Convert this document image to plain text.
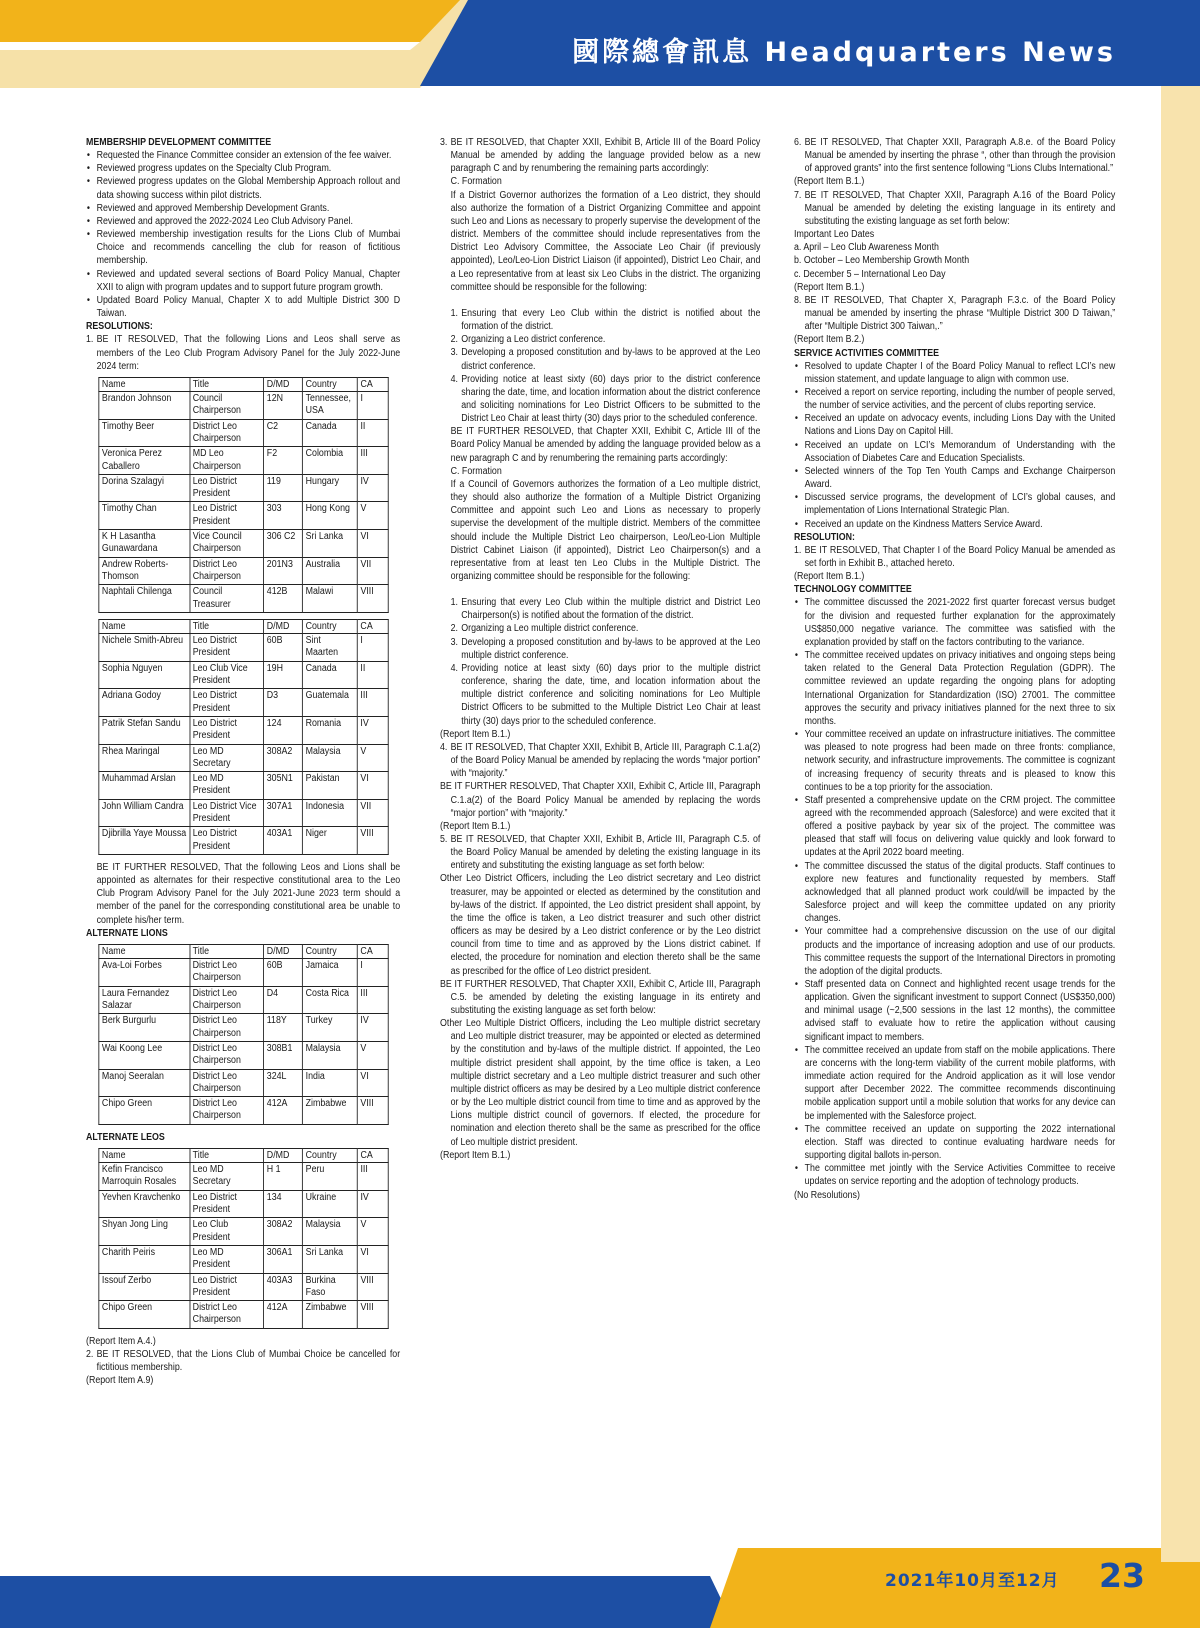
國際總會訊息 Headquarters News
2021年10月至12月 23

MEMBERSHIP DEVELOPMENT COMMITTEE

• Requested the Finance Committee consider an extension of the fee waiver.

• Reviewed progress updates on the Specialty Club Program.

• Reviewed progress updates on the Global Membership Approach rollout and data showing success within pilot districts.

• Reviewed and approved Membership Development Grants.

• Reviewed and approved the 2022-2024 Leo Club Advisory Panel.

• Reviewed membership investigation results for the Lions Club of Mumbai Choice and recommends cancelling the club for reason of fictitious membership.

• Reviewed and updated several sections of Board Policy Manual, Chapter XXII to align with program updates and to support future program growth.

• Updated Board Policy Manual, Chapter X to add Multiple District 300 D Taiwan.

RESOLUTIONS:

1. BE IT RESOLVED, That the following Lions and Leos shall serve as members of the Leo Club Program Advisory Panel for the July 2022-June 2024 term:

Name	Title	D/MD	Country	CA
Brandon Johnson	Council Chairperson	12N	Tennessee, USA	I
Timothy Beer	District Leo Chairperson	C2	Canada	II
Veronica Perez Caballero	MD Leo Chairperson	F2	Colombia	III
Dorina Szalagyi	Leo District President	119	Hungary	IV
Timothy Chan	Leo District President	303	Hong Kong	V
K H Lasantha Gunawardana	Vice Council Chairperson	306 C2	Sri Lanka	VI
Andrew Roberts-Thomson	District Leo Chairperson	201N3	Australia	VII
Naphtali Chilenga	Council Treasurer	412B	Malawi	VIII
Name	Title	D/MD	Country	CA
Nichele Smith-Abreu	Leo District President	60B	Sint Maarten	I
Sophia Nguyen	Leo Club Vice President	19H	Canada	II
Adriana Godoy	Leo District President	D3	Guatemala	III
Patrik Stefan Sandu	Leo District President	124	Romania	IV
Rhea Maringal	Leo MD Secretary	308A2	Malaysia	V
Muhammad Arslan	Leo MD President	305N1	Pakistan	VI
John William Candra	Leo District Vice President	307A1	Indonesia	VII
Djibrilla Yaye Moussa	Leo District President	403A1	Niger	VIII

BE IT FURTHER RESOLVED, That the following Leos and Lions shall be appointed as alternates for their respective constitutional area to the Leo Club Program Advisory Panel for the July 2021-June 2023 term should a member of the panel for the corresponding constitutional area be unable to complete his/her term.

ALTERNATE LIONS

Name	Title	D/MD	Country	CA
Ava-Loi Forbes	District Leo Chairperson	60B	Jamaica	I
Laura Fernandez Salazar	District Leo Chairperson	D4	Costa Rica	III
Berk Burgurlu	District Leo Chairperson	118Y	Turkey	IV
Wai Koong Lee	District Leo Chairperson	308B1	Malaysia	V
Manoj Seeralan	District Leo Chairperson	324L	India	VI
Chipo Green	District Leo Chairperson	412A	Zimbabwe	VIII

ALTERNATE LEOS

Name	Title	D/MD	Country	CA
Kefin Francisco Marroquin Rosales	Leo MD Secretary	H 1	Peru	III
Yevhen Kravchenko	Leo District President	134	Ukraine	IV
Shyan Jong Ling	Leo Club President	308A2	Malaysia	V
Charith Peiris	Leo MD President	306A1	Sri Lanka	VI
Issouf Zerbo	Leo District President	403A3	Burkina Faso	VIII
Chipo Green	District Leo Chairperson	412A	Zimbabwe	VIII

(Report Item A.4.)

2. BE IT RESOLVED, that the Lions Club of Mumbai Choice be cancelled for fictitious membership.

(Report Item A.9)

3. BE IT RESOLVED, that Chapter XXII, Exhibit B, Article III of the Board Policy Manual be amended by adding the language provided below as a new paragraph C and by renumbering the remaining parts accordingly:

C. Formation

If a District Governor authorizes the formation of a Leo district, they should also authorize the formation of a District Organizing Committee and appoint such Leo and Lions as necessary to properly supervise the development of the district. Members of the committee should include representatives from the District Leo Advisory Committee, the Associate Leo Chair (if previously appointed), Leo/Leo-Lion District Liaison (if appointed), District Leo Chair, and a Leo representative from at least six Leo Clubs in the district. The organizing committee should be responsible for the following:

1. Ensuring that every Leo Club within the district is notified about the formation of the district.

2. Organizing a Leo district conference.

3. Developing a proposed constitution and by-laws to be approved at the Leo district conference.

4. Providing notice at least sixty (60) days prior to the district conference sharing the date, time, and location information about the district conference and soliciting nominations for Leo District Officers to be submitted to the District Leo Chair at least thirty (30) days prior to the scheduled conference.

BE IT FURTHER RESOLVED, that Chapter XXII, Exhibit C, Article III of the Board Policy Manual be amended by adding the language provided below as a new paragraph C and by renumbering the remaining parts accordingly:

C. Formation

If a Council of Governors authorizes the formation of a Leo multiple district, they should also authorize the formation of a Multiple District Organizing Committee and appoint such Leo and Lions as necessary to properly supervise the development of the multiple district. Members of the committee should include the Multiple District Leo chairperson, Leo/Leo-Lion Multiple District Cabinet Liaison (if appointed), District Leo Chairperson(s) and a representative from at least ten Leo Clubs in the Multiple District. The organizing committee should be responsible for the following:

1. Ensuring that every Leo Club within the multiple district and District Leo Chairperson(s) is notified about the formation of the district.

2. Organizing a Leo multiple district conference.

3. Developing a proposed constitution and by-laws to be approved at the Leo multiple district conference.

4. Providing notice at least sixty (60) days prior to the multiple district conference, sharing the date, time, and location information about the multiple district conference and soliciting nominations for Leo Multiple District Officers to be submitted to the Multiple District Leo Chair at least thirty (30) days prior to the scheduled conference.

(Report Item B.1.)

4. BE IT RESOLVED, That Chapter XXII, Exhibit B, Article III, Paragraph C.1.a(2) of the Board Policy Manual be amended by replacing the words “major portion” with “majority.”

BE IT FURTHER RESOLVED, That Chapter XXII, Exhibit C, Article III, Paragraph C.1.a(2) of the Board Policy Manual be amended by replacing the words “major portion” with “majority.”

(Report Item B.1.)

5. BE IT RESOLVED, that Chapter XXII, Exhibit B, Article III, Paragraph C.5. of the Board Policy Manual be amended by deleting the existing language in its entirety and substituting the existing language as set forth below:

Other Leo District Officers, including the Leo district secretary and Leo district treasurer, may be appointed or elected as determined by the constitution and by-laws of the district. If appointed, the Leo district president shall appoint, by the time the office is taken, a Leo district treasurer and such other district officers as may be desired by a Leo district conference or by the Leo district council from time to time and as approved by the Lions district cabinet. If elected, the procedure for nomination and election thereto shall be the same as prescribed for the office of Leo district president.

BE IT FURTHER RESOLVED, That Chapter XXII, Exhibit C, Article III, Paragraph C.5. be amended by deleting the existing language in its entirety and substituting the existing language as set forth below:

Other Leo Multiple District Officers, including the Leo multiple district secretary and Leo multiple district treasurer, may be appointed or elected as determined by the constitution and by-laws of the multiple district. If appointed, the Leo multiple district president shall appoint, by the time office is taken, a Leo multiple district secretary and a Leo multiple district treasurer and such other multiple district officers as may be desired by a Leo multiple district conference or by the Leo multiple district council from time to time and as approved by the Lions multiple district council of governors. If elected, the procedure for nomination and election thereto shall be the same as prescribed for the office of Leo multiple district president.

(Report Item B.1.)

6. BE IT RESOLVED, That Chapter XXII, Paragraph A.8.e. of the Board Policy Manual be amended by inserting the phrase “, other than through the provision of approved grants” into the first sentence following “Lions Clubs International.”

(Report Item B.1.)

7. BE IT RESOLVED, That Chapter XXII, Paragraph A.16 of the Board Policy Manual be amended by deleting the existing language in its entirety and substituting the existing language as set forth below:

Important Leo Dates

a. April – Leo Club Awareness Month

b. October – Leo Membership Growth Month

c. December 5 – International Leo Day

(Report Item B.1.)

8. BE IT RESOLVED, That Chapter X, Paragraph F.3.c. of the Board Policy manual be amended by inserting the phrase “Multiple District 300 D Taiwan,” after “Multiple District 300 Taiwan,.”

(Report Item B.2.)

SERVICE ACTIVITIES COMMITTEE

• Resolved to update Chapter I of the Board Policy Manual to reflect LCI’s new mission statement, and update language to align with common use.

• Received a report on service reporting, including the number of people served, the number of service activities, and the percent of clubs reporting service.

• Received an update on advocacy events, including Lions Day with the United Nations and Lions Day on Capitol Hill.

• Received an update on LCI’s Memorandum of Understanding with the Association of Diabetes Care and Education Specialists.

• Selected winners of the Top Ten Youth Camps and Exchange Chairperson Award.

• Discussed service programs, the development of LCI’s global causes, and implementation of Lions International Strategic Plan.

• Received an update on the Kindness Matters Service Award.

RESOLUTION:

1. BE IT RESOLVED, That Chapter I of the Board Policy Manual be amended as set forth in Exhibit B., attached hereto.

(Report Item B.1.)

TECHNOLOGY COMMITTEE

• The committee discussed the 2021-2022 first quarter forecast versus budget for the division and requested further explanation for the approximately US$850,000 negative variance. The committee was satisfied with the explanation provided by staff on the factors contributing to the variance.

• The committee received updates on privacy initiatives and ongoing steps being taken related to the General Data Protection Regulation (GDPR). The committee reviewed an update regarding the ongoing plans for adopting International Organization for Standardization (ISO) 27001. The committee approves the security and privacy initiatives planned for the next three to six months.

• Your committee received an update on infrastructure initiatives. The committee was pleased to note progress had been made on three fronts: compliance, network security, and infrastructure improvements. The committee is cognizant of increasing frequency of security threats and is pleased to know this continues to be a top priority for the association.

• Staff presented a comprehensive update on the CRM project. The committee agreed with the recommended approach (Salesforce) and were excited that it offered a positive payback by year six of the project. The committee was pleased that staff will focus on delivering value quickly and look forward to updates at the April 2022 board meeting.

• The committee discussed the status of the digital products. Staff continues to explore new features and functionality requested by members. Staff acknowledged that all planned product work could/will be impacted by the Salesforce project and will keep the committee updated on any priority changes.

• Your committee had a comprehensive discussion on the use of our digital products and the importance of increasing adoption and use of our products. This committee requests the support of the International Directors in promoting the adoption of the digital products.

• Staff presented data on Connect and highlighted recent usage trends for the application. Given the significant investment to support Connect (US$350,000) and minimal usage (~2,500 sessions in the last 12 months), the committee advised staff to evaluate how to retire the application without causing significant impact to members.

• The committee received an update from staff on the mobile applications. There are concerns with the long-term viability of the current mobile platforms, with immediate action required for the Android application as it will lose vendor support after December 2022. The committee recommends discontinuing mobile application support until a mobile solution that works for any device can be implemented with the Salesforce project.

• The committee received an update on supporting the 2022 international election. Staff was directed to continue evaluating hardware needs for supporting digital ballots in-person.

• The committee met jointly with the Service Activities Committee to receive updates on service reporting and the adoption of technology products.

(No Resolutions)
